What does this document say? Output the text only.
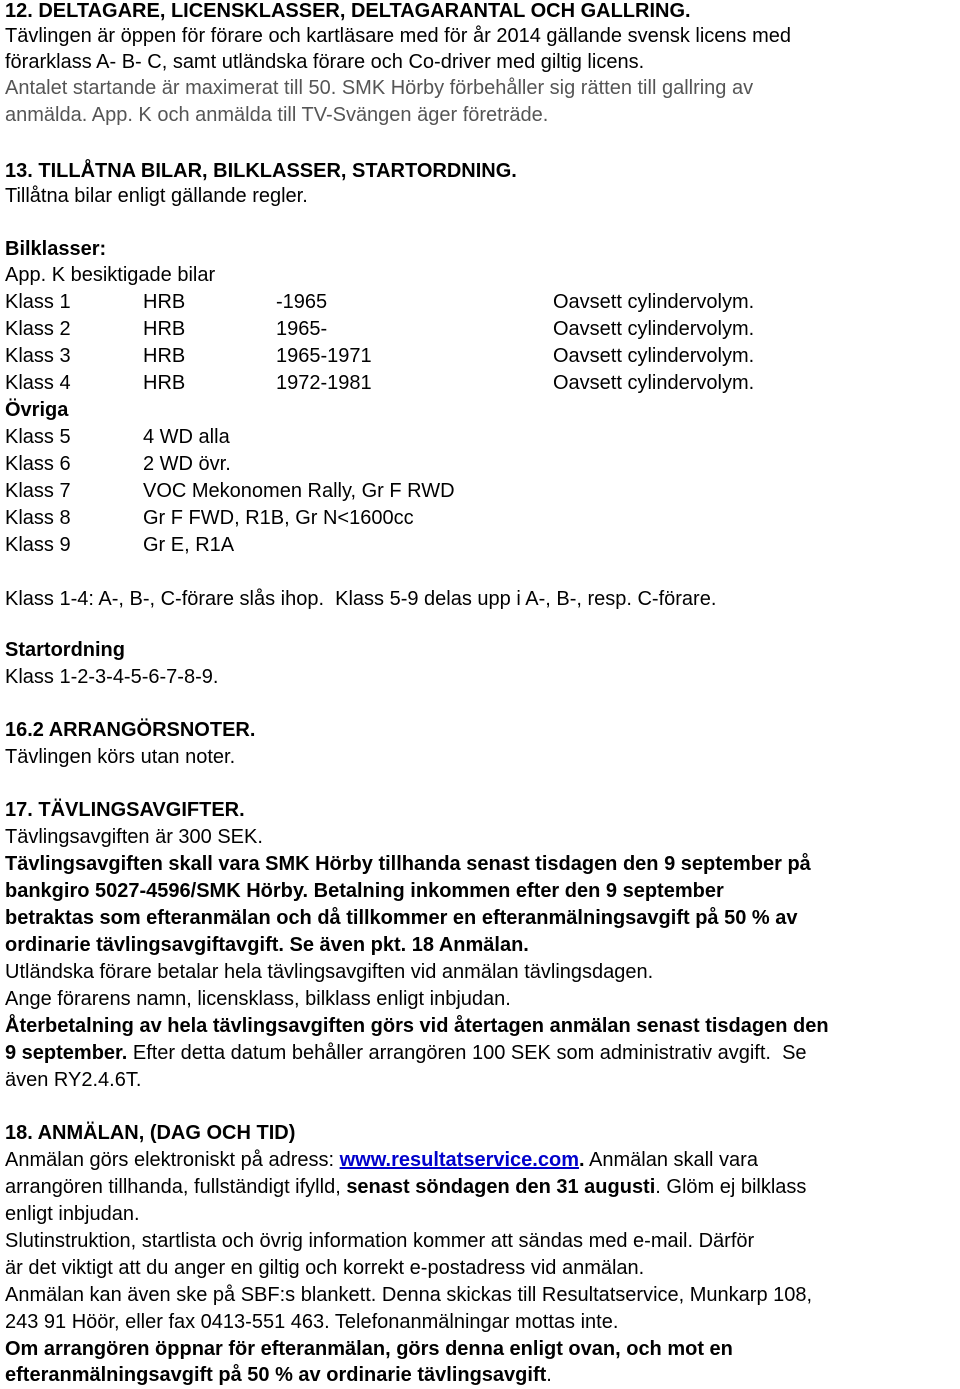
12. DELTAGARE, LICENSKLASSER, DELTAGARANTAL OCH GALLRING.
Tävlingen är öppen för förare och kartläsare med för år 2014 gällande svensk licens med
förarklass A- B- C, samt utländska förare och Co-driver med giltig licens.
Antalet startande är maximerat till 50. SMK Hörby förbehåller sig rätten till gallring av
anmälda. App. K och anmälda till TV-Svängen äger företräde.
13. TILLÅTNA BILAR, BILKLASSER, STARTORDNING.
Tillåtna bilar enligt gällande regler.
Bilklasser:
App. K besiktigade bilar
Klass 1	HRB	-1965	Oavsett cylindervolym.
Klass 2	HRB	1965-	Oavsett cylindervolym.
Klass 3	HRB	1965-1971	Oavsett cylindervolym.
Klass 4	HRB	1972-1981	Oavsett cylindervolym.
Övriga
Klass 5	4 WD alla
Klass 6	2 WD övr.
Klass 7	VOC Mekonomen Rally, Gr F RWD
Klass 8	Gr F FWD, R1B, Gr N<1600cc
Klass 9	Gr E, R1A
Klass 1-4: A-, B-, C-förare slås ihop.  Klass 5-9 delas upp i A-, B-, resp. C-förare.
Startordning
Klass 1-2-3-4-5-6-7-8-9.
16.2 ARRANGÖRSNOTER.
Tävlingen körs utan noter.
17. TÄVLINGSAVGIFTER.
Tävlingsavgiften är 300 SEK.
Tävlingsavgiften skall vara SMK Hörby tillhanda senast tisdagen den 9 september på
bankgiro 5027-4596/SMK Hörby. Betalning inkommen efter den 9 september
betraktas som efteranmälan och då tillkommer en efteranmälningsavgift på 50 % av
ordinarie tävlingsavgiftavgift. Se även pkt. 18 Anmälan.
Utländska förare betalar hela tävlingsavgiften vid anmälan tävlingsdagen.
Ange förarens namn, licensklass, bilklass enligt inbjudan.
Återbetalning av hela tävlingsavgiften görs vid återtagen anmälan senast tisdagen den
9 september. Efter detta datum behåller arrangören 100 SEK som administrativ avgift.  Se
även RY2.4.6T.
18. ANMÄLAN, (DAG OCH TID)
Anmälan görs elektroniskt på adress: www.resultatservice.com. Anmälan skall vara
arrangören tillhanda, fullständigt ifylld, senast söndagen den 31 augusti. Glöm ej bilklass
enligt inbjudan.
Slutinstruktion, startlista och övrig information kommer att sändas med e-mail. Därför
är det viktigt att du anger en giltig och korrekt e-postadress vid anmälan.
Anmälan kan även ske på SBF:s blankett. Denna skickas till Resultatservice, Munkarp 108,
243 91 Höör, eller fax 0413-551 463. Telefonanmälningar mottas inte.
Om arrangören öppnar för efteranmälan, görs denna enligt ovan, och mot en
efteranmälningsavgift på 50 % av ordinarie tävlingsavgift.
